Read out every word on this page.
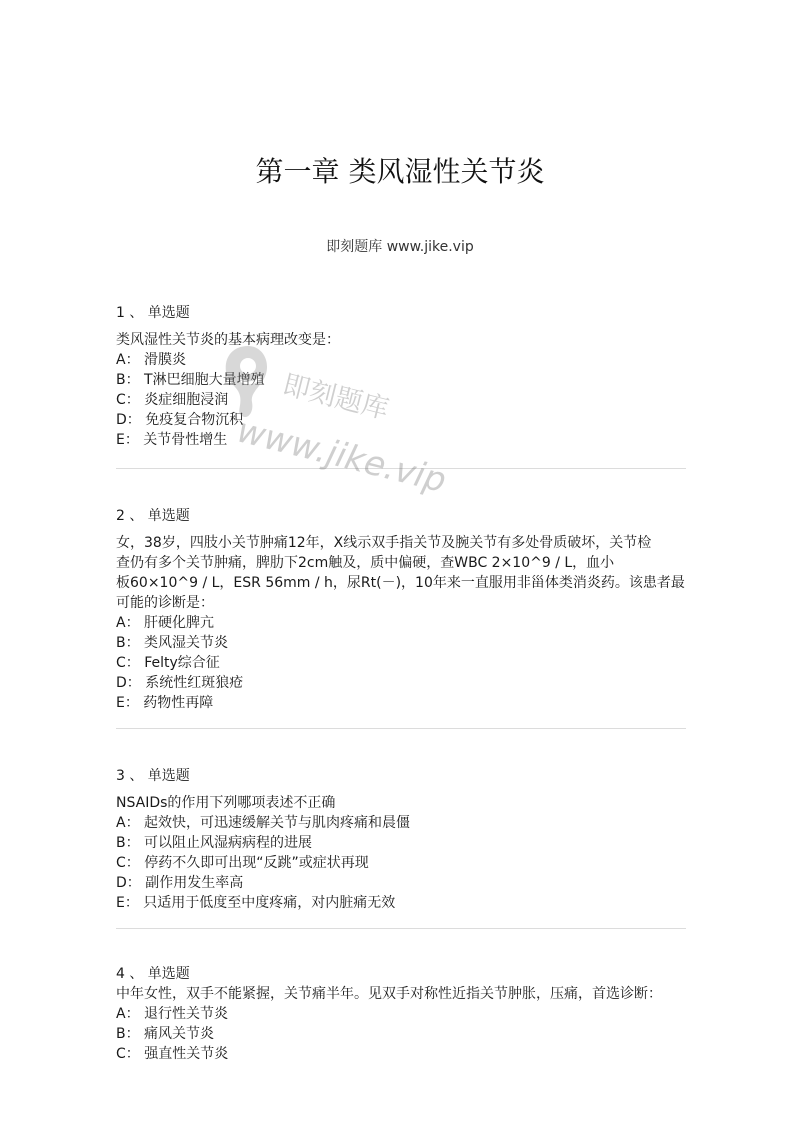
第一章 类风湿性关节炎
即刻题库 www.jike.vip
1 、 单选题

类风湿性关节炎的基本病理改变是：

A： 滑膜炎

B： T淋巴细胞大量增殖

C： 炎症细胞浸润

D： 免疫复合物沉积

E： 关节骨性增生

2 、 单选题

女，38岁，四肢小关节肿痛12年，X线示双手指关节及腕关节有多处骨质破坏，关节检

查仍有多个关节肿痛，脾肋下2cm触及，质中偏硬，查WBC 2×10^9 / L，血小

板60×10^9 / L，ESR 56mm / h，尿Rt(－)，10年来一直服用非甾体类消炎药。该患者最

可能的诊断是：

A： 肝硬化脾亢

B： 类风湿关节炎

C： Felty综合征

D： 系统性红斑狼疮

E： 药物性再障

3 、 单选题

NSAIDs的作用下列哪项表述不正确

A： 起效快，可迅速缓解关节与肌肉疼痛和晨僵

B： 可以阻止风湿病病程的进展

C： 停药不久即可出现“反跳”或症状再现

D： 副作用发生率高

E： 只适用于低度至中度疼痛，对内脏痛无效

4 、 单选题

中年女性，双手不能紧握，关节痛半年。见双手对称性近指关节肿胀，压痛，首选诊断：

A： 退行性关节炎

B： 痛风关节炎

C： 强直性关节炎

即刻题库
www.jike.vip
